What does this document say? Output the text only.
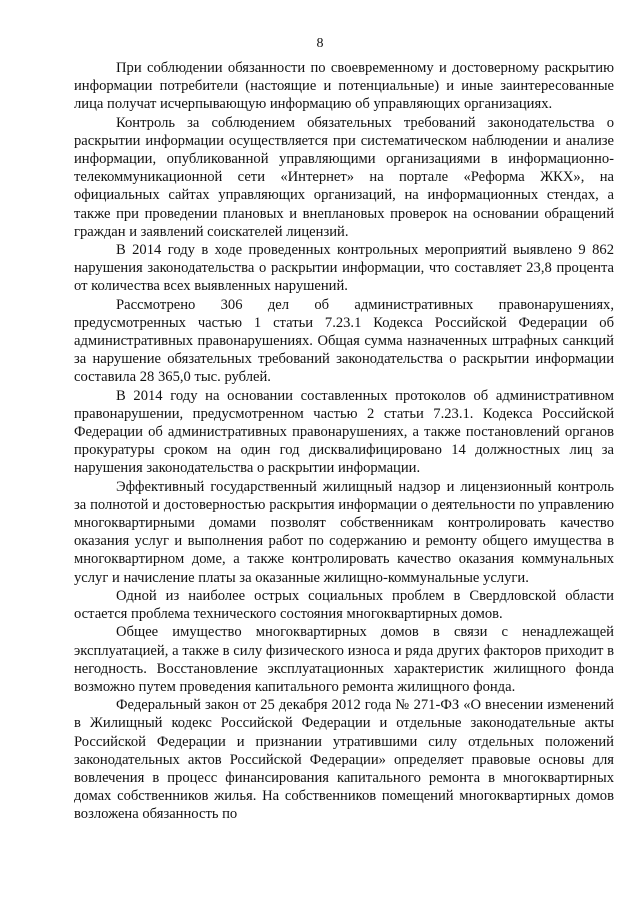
8

При соблюдении обязанности по своевременному и достоверному раскрытию информации потребители (настоящие и потенциальные) и иные заинтересованные лица получат исчерпывающую информацию об управляющих организациях.

Контроль за соблюдением обязательных требований законодательства о раскрытии информации осуществляется при систематическом наблюдении и анализе информации, опубликованной управляющими организациями в информационно-телекоммуникационной сети «Интернет» на портале «Реформа ЖКХ», на официальных сайтах управляющих организаций, на информационных стендах, а также при проведении плановых и внеплановых проверок на основании обращений граждан и заявлений соискателей лицензий.

В 2014 году в ходе проведенных контрольных мероприятий выявлено 9 862 нарушения законодательства о раскрытии информации, что составляет 23,8 процента от количества всех выявленных нарушений.

Рассмотрено 306 дел об административных правонарушениях, предусмотренных частью 1 статьи 7.23.1 Кодекса Российской Федерации об административных правонарушениях. Общая сумма назначенных штрафных санкций за нарушение обязательных требований законодательства о раскрытии информации составила 28 365,0 тыс. рублей.

В 2014 году на основании составленных протоколов об административном правонарушении, предусмотренном частью 2 статьи 7.23.1. Кодекса Российской Федерации об административных правонарушениях, а также постановлений органов прокуратуры сроком на один год дисквалифицировано 14 должностных лиц за нарушения законодательства о раскрытии информации.

Эффективный государственный жилищный надзор и лицензионный контроль за полнотой и достоверностью раскрытия информации о деятельности по управлению многоквартирными домами позволят собственникам контролировать качество оказания услуг и выполнения работ по содержанию и ремонту общего имущества в многоквартирном доме, а также контролировать качество оказания коммунальных услуг и начисление платы за оказанные жилищно-коммунальные услуги.

Одной из наиболее острых социальных проблем в Свердловской области остается проблема технического состояния многоквартирных домов.

Общее имущество многоквартирных домов в связи с ненадлежащей эксплуатацией, а также в силу физического износа и ряда других факторов приходит в негодность. Восстановление эксплуатационных характеристик жилищного фонда возможно путем проведения капитального ремонта жилищного фонда.

Федеральный закон от 25 декабря 2012 года № 271-ФЗ «О внесении изменений в Жилищный кодекс Российской Федерации и отдельные законодательные акты Российской Федерации и признании утратившими силу отдельных положений законодательных актов Российской Федерации» определяет правовые основы для вовлечения в процесс финансирования капитального ремонта в многоквартирных домах собственников жилья. На собственников помещений многоквартирных домов возложена обязанность по
